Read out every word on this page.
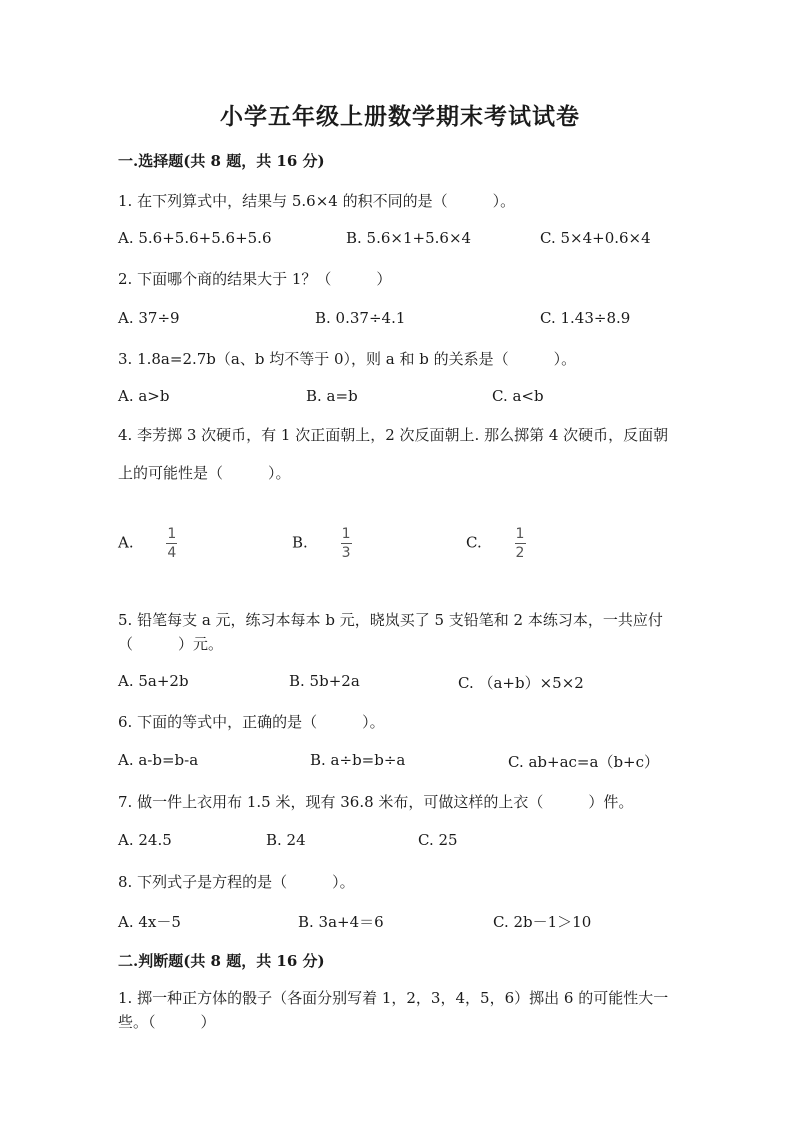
小学五年级上册数学期末考试试卷
一.选择题(共 8 题，共 16 分)
1. 在下列算式中，结果与 5.6×4 的积不同的是（　　　）。
A. 5.6+5.6+5.6+5.6	B. 5.6×1+5.6×4	C. 5×4+0.6×4
2. 下面哪个商的结果大于 1？（　　　）
A. 37÷9	B. 0.37÷4.1	C. 1.43÷8.9
3. 1.8a=2.7b（a、b 均不等于 0），则 a 和 b 的关系是（　　　）。
A. a>b	B. a=b	C. a<b
4. 李芳掷 3 次硬币，有 1 次正面朝上，2 次反面朝上. 那么掷第 4 次硬币，反面朝上的可能性是（　　　）。
A. $\frac{1}{4}$	B. $\frac{1}{3}$	C. $\frac{1}{2}$
5. 铅笔每支 a 元，练习本每本 b 元，晓岚买了 5 支铅笔和 2 本练习本，一共应付（　　　）元。
A. 5a+2b	B. 5b+2a	C. （a+b）×5×2
6. 下面的等式中，正确的是（　　　）。
A. a-b=b-a	B. a÷b=b÷a	C. ab+ac=a（b+c）
7. 做一件上衣用布 1.5 米，现有 36.8 米布，可做这样的上衣（　　　）件。
A. 24.5	B. 24	C. 25
8. 下列式子是方程的是（　　　）。
A. 4x－5	B. 3a+4＝6	C. 2b－1＞10
二.判断题(共 8 题，共 16 分)
1. 掷一种正方体的骰子（各面分别写着 1，2，3，4，5，6）掷出 6 的可能性大一些。（　　　）
